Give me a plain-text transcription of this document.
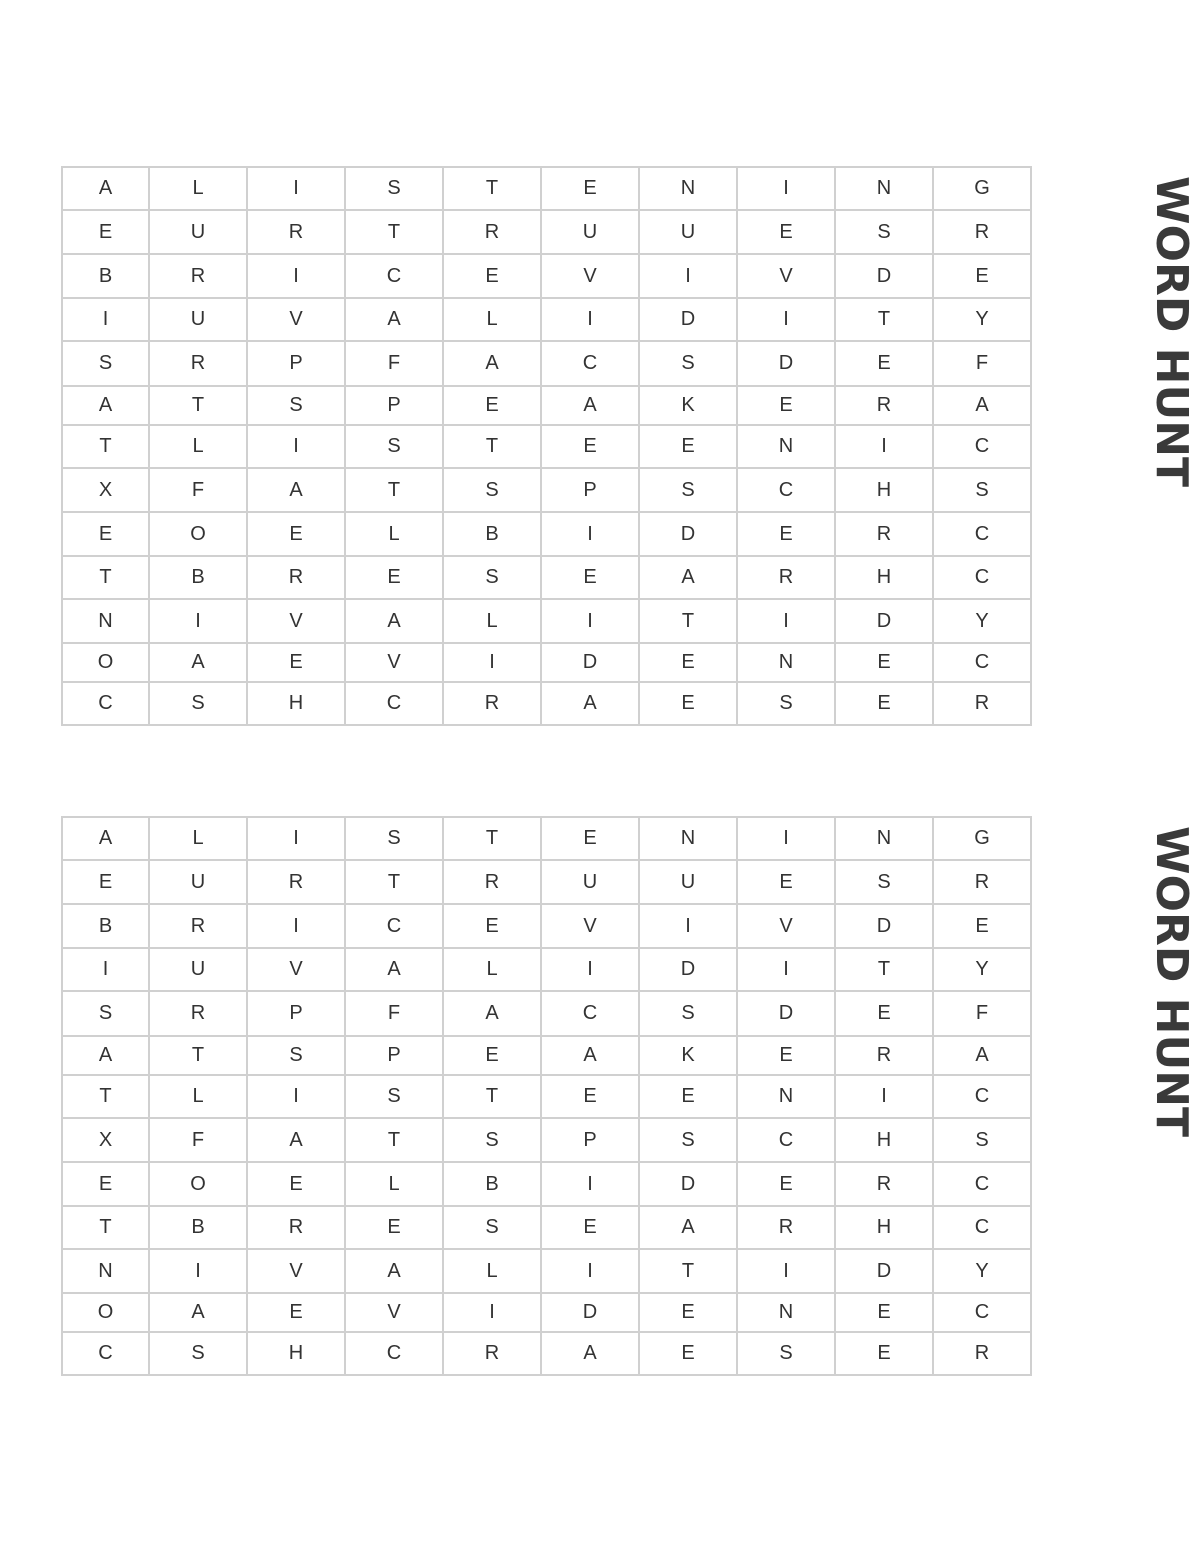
A	L	I	S	T	E	N	I	N	G
E	U	R	T	R	U	U	E	S	R
B	R	I	C	E	V	I	V	D	E
I	U	V	A	L	I	D	I	T	Y
S	R	P	F	A	C	S	D	E	F
A	T	S	P	E	A	K	E	R	A
T	L	I	S	T	E	E	N	I	C
X	F	A	T	S	P	S	C	H	S
E	O	E	L	B	I	D	E	R	C
T	B	R	E	S	E	A	R	H	C
N	I	V	A	L	I	T	I	D	Y
O	A	E	V	I	D	E	N	E	C
C	S	H	C	R	A	E	S	E	R
WORD HUNT
A	L	I	S	T	E	N	I	N	G
E	U	R	T	R	U	U	E	S	R
B	R	I	C	E	V	I	V	D	E
I	U	V	A	L	I	D	I	T	Y
S	R	P	F	A	C	S	D	E	F
A	T	S	P	E	A	K	E	R	A
T	L	I	S	T	E	E	N	I	C
X	F	A	T	S	P	S	C	H	S
E	O	E	L	B	I	D	E	R	C
T	B	R	E	S	E	A	R	H	C
N	I	V	A	L	I	T	I	D	Y
O	A	E	V	I	D	E	N	E	C
C	S	H	C	R	A	E	S	E	R
WORD HUNT
